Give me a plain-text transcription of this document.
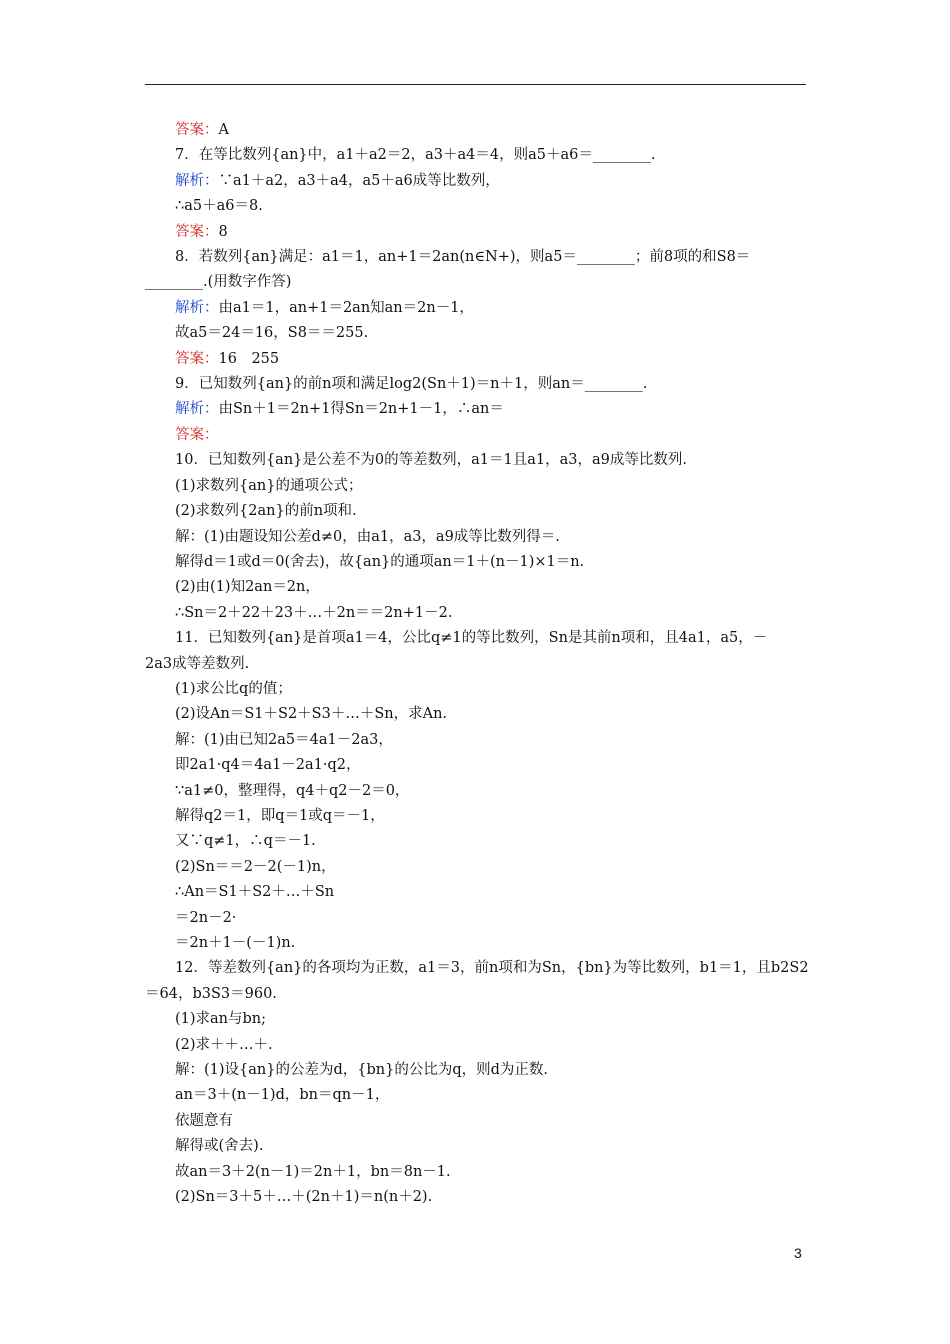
答案：A
7．在等比数列{an}中，a1＋a2＝2，a3＋a4＝4，则a5＋a6＝________.
解析：∵a1＋a2，a3＋a4，a5＋a6成等比数列，
∴a5＋a6＝8.
答案：8
8．若数列{an}满足：a1＝1，an+1＝2an(n∈N+)，则a5＝________；前8项的和S8＝
________.(用数字作答)
解析：由a1＝1，an+1＝2an知an＝2n－1，
故a5＝24＝16，S8＝＝255.
答案：16　255
9．已知数列{an}的前n项和满足log2(Sn＋1)＝n＋1，则an＝________.
解析：由Sn＋1＝2n+1得Sn＝2n+1－1，∴an＝
答案：
10．已知数列{an}是公差不为0的等差数列，a1＝1且a1，a3，a9成等比数列.
(1)求数列{an}的通项公式；
(2)求数列{2an}的前n项和.
解：(1)由题设知公差d≠0，由a1，a3，a9成等比数列得＝.
解得d＝1或d＝0(舍去)，故{an}的通项an＝1＋(n－1)×1＝n.
(2)由(1)知2an＝2n，
∴Sn＝2＋22＋23＋…＋2n＝＝2n+1－2.
11．已知数列{an}是首项a1＝4，公比q≠1的等比数列，Sn是其前n项和，且4a1，a5，－
2a3成等差数列.
(1)求公比q的值；
(2)设An＝S1＋S2＋S3＋…＋Sn，求An.
解：(1)由已知2a5＝4a1－2a3，
即2a1·q4＝4a1－2a1·q2，
∵a1≠0，整理得，q4＋q2－2＝0，
解得q2＝1，即q＝1或q＝－1，
又∵q≠1，∴q＝－1.
(2)Sn＝＝2－2(－1)n，
∴An＝S1＋S2＋…＋Sn
＝2n－2·
＝2n＋1－(－1)n.
12．等差数列{an}的各项均为正数，a1＝3，前n项和为Sn，{bn}为等比数列，b1＝1，且b2S2
＝64，b3S3＝960.
(1)求an与bn;
(2)求＋＋…＋.
解：(1)设{an}的公差为d，{bn}的公比为q，则d为正数.
an＝3＋(n－1)d，bn＝qn－1，
依题意有
解得或(舍去).
故an＝3＋2(n－1)＝2n＋1，bn＝8n－1.
(2)Sn＝3＋5＋…＋(2n＋1)＝n(n＋2).
3
